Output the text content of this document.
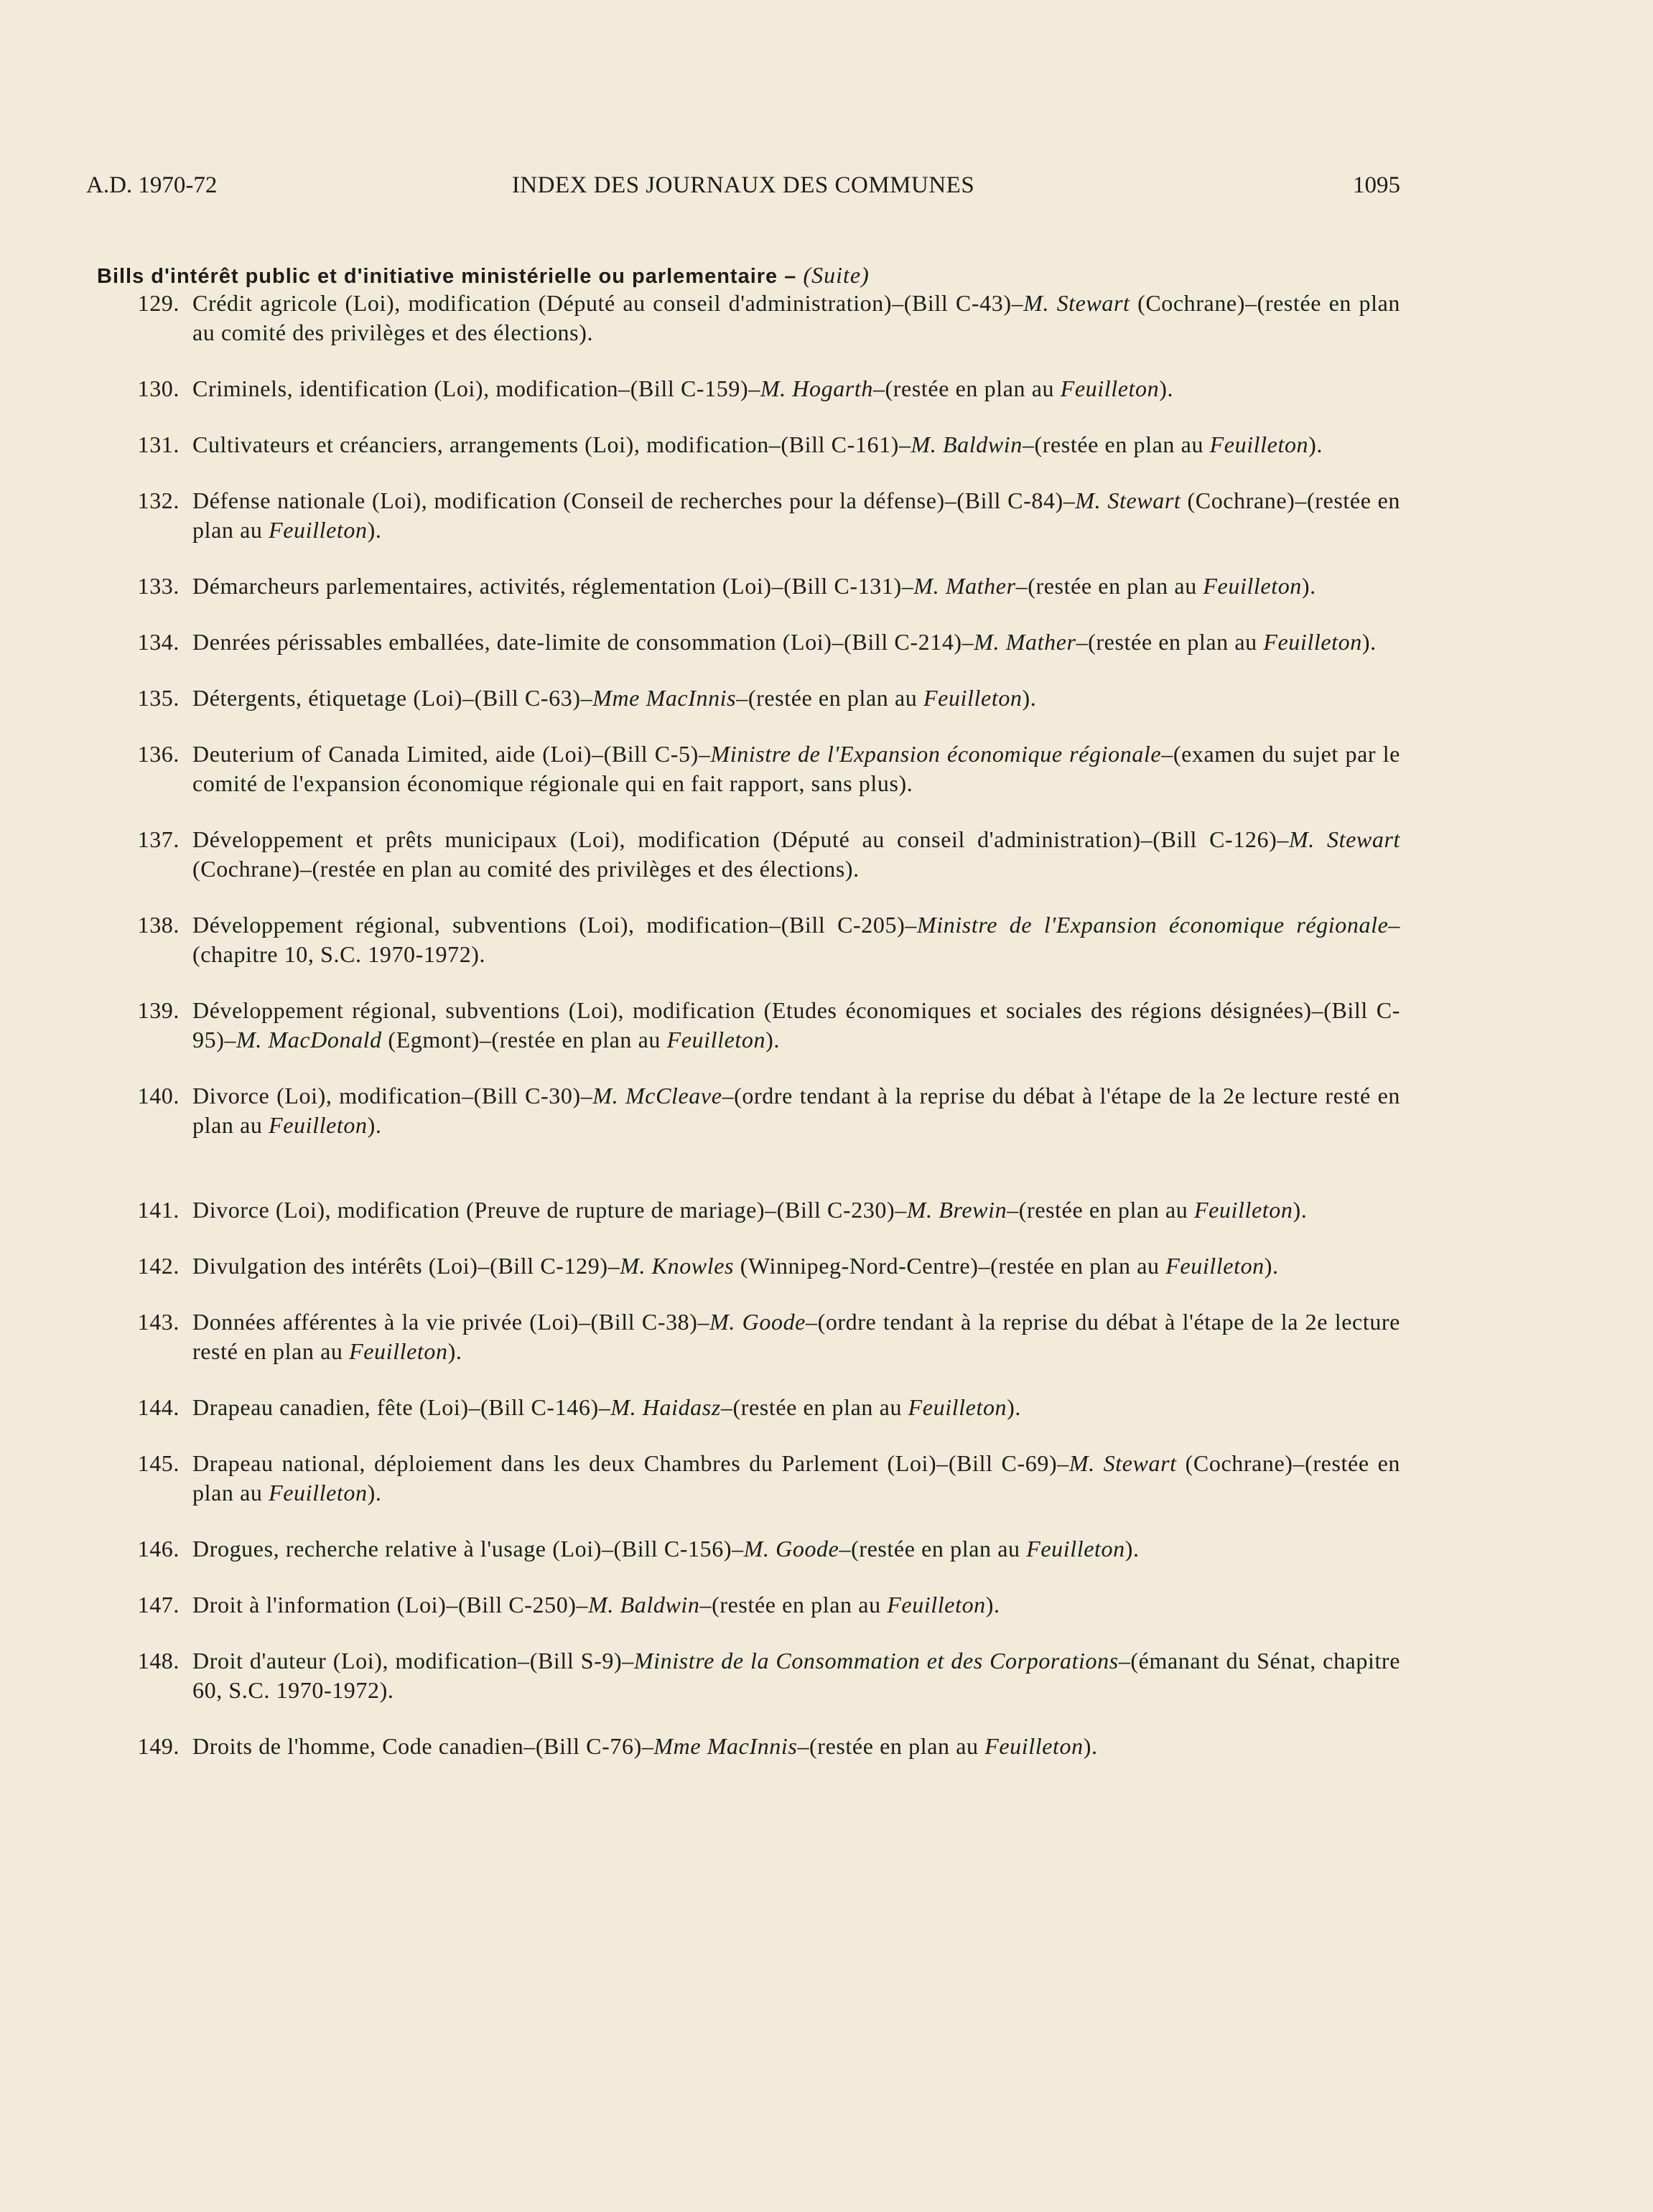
A.D. 1970-72	INDEX DES JOURNAUX DES COMMUNES	1095
Bills d'intérêt public et d'initiative ministérielle ou parlementaire – (Suite)
129. Crédit agricole (Loi), modification (Député au conseil d'administration)–(Bill C-43)–M. Stewart (Cochrane)–(restée en plan au comité des privilèges et des élections).
130. Criminels, identification (Loi), modification–(Bill C-159)–M. Hogarth–(restée en plan au Feuilleton).
131. Cultivateurs et créanciers, arrangements (Loi), modification–(Bill C-161)–M. Baldwin–(restée en plan au Feuilleton).
132. Défense nationale (Loi), modification (Conseil de recherches pour la défense)–(Bill C-84)–M. Stewart (Cochrane)–(restée en plan au Feuilleton).
133. Démarcheurs parlementaires, activités, réglementation (Loi)–(Bill C-131)–M. Mather–(restée en plan au Feuilleton).
134. Denrées périssables emballées, date-limite de consommation (Loi)–(Bill C-214)–M. Mather–(restée en plan au Feuilleton).
135. Détergents, étiquetage (Loi)–(Bill C-63)–Mme MacInnis–(restée en plan au Feuilleton).
136. Deuterium of Canada Limited, aide (Loi)–(Bill C-5)–Ministre de l'Expansion économique régionale–(examen du sujet par le comité de l'expansion économique régionale qui en fait rapport, sans plus).
137. Développement et prêts municipaux (Loi), modification (Député au conseil d'administration)–(Bill C-126)–M. Stewart (Cochrane)–(restée en plan au comité des privilèges et des élections).
138. Développement régional, subventions (Loi), modification–(Bill C-205)–Ministre de l'Expansion économique régionale–(chapitre 10, S.C. 1970-1972).
139. Développement régional, subventions (Loi), modification (Etudes économiques et sociales des régions désignées)–(Bill C-95)–M. MacDonald (Egmont)–(restée en plan au Feuilleton).
140. Divorce (Loi), modification–(Bill C-30)–M. McCleave–(ordre tendant à la reprise du débat à l'étape de la 2e lecture resté en plan au Feuilleton).
141. Divorce (Loi), modification (Preuve de rupture de mariage)–(Bill C-230)–M. Brewin–(restée en plan au Feuilleton).
142. Divulgation des intérêts (Loi)–(Bill C-129)–M. Knowles (Winnipeg-Nord-Centre)–(restée en plan au Feuilleton).
143. Données afférentes à la vie privée (Loi)–(Bill C-38)–M. Goode–(ordre tendant à la reprise du débat à l'étape de la 2e lecture resté en plan au Feuilleton).
144. Drapeau canadien, fête (Loi)–(Bill C-146)–M. Haidasz–(restée en plan au Feuilleton).
145. Drapeau national, déploiement dans les deux Chambres du Parlement (Loi)–(Bill C-69)–M. Stewart (Cochrane)–(restée en plan au Feuilleton).
146. Drogues, recherche relative à l'usage (Loi)–(Bill C-156)–M. Goode–(restée en plan au Feuilleton).
147. Droit à l'information (Loi)–(Bill C-250)–M. Baldwin–(restée en plan au Feuilleton).
148. Droit d'auteur (Loi), modification–(Bill S-9)–Ministre de la Consommation et des Corporations–(émanant du Sénat, chapitre 60, S.C. 1970-1972).
149. Droits de l'homme, Code canadien–(Bill C-76)–Mme MacInnis–(restée en plan au Feuilleton).
